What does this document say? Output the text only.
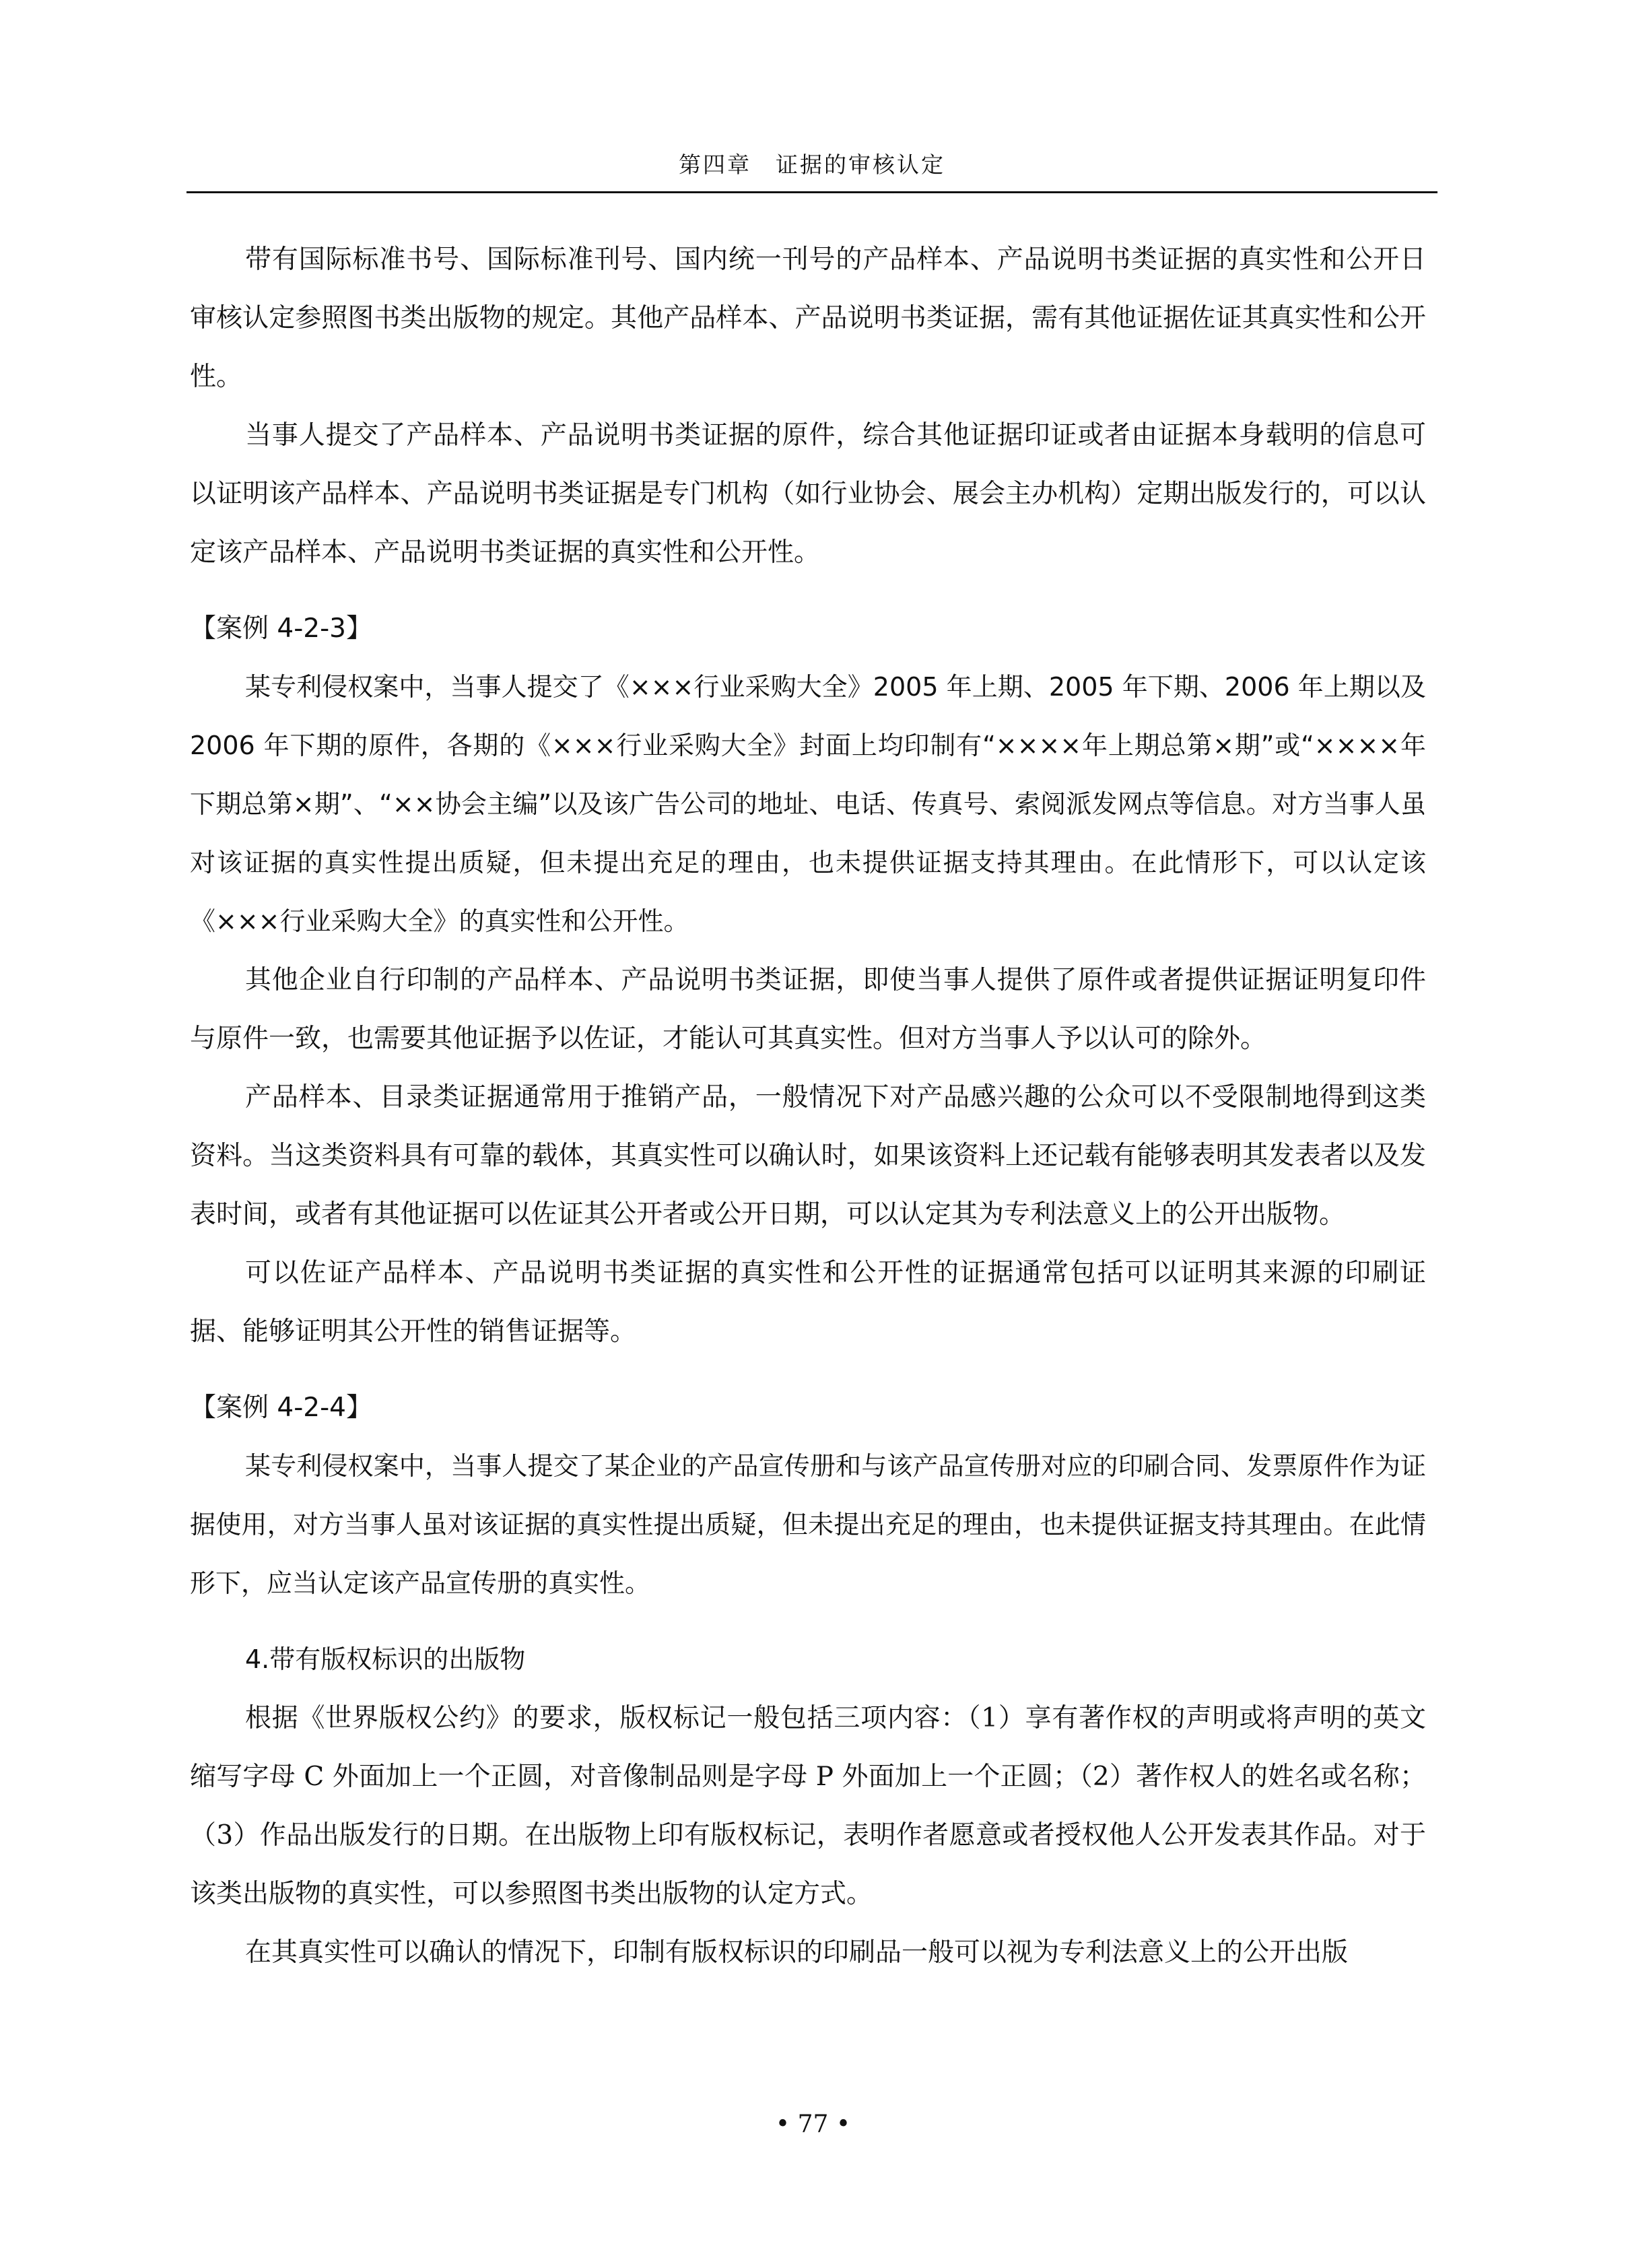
第四章　证据的审核认定

带有国际标准书号、国际标准刊号、国内统一刊号的产品样本、产品说明书类证据的真实性和公开日审核认定参照图书类出版物的规定。其他产品样本、产品说明书类证据，需有其他证据佐证其真实性和公开性。

当事人提交了产品样本、产品说明书类证据的原件，综合其他证据印证或者由证据本身载明的信息可以证明该产品样本、产品说明书类证据是专门机构（如行业协会、展会主办机构）定期出版发行的，可以认定该产品样本、产品说明书类证据的真实性和公开性。

【案例 4-2-3】

某专利侵权案中，当事人提交了《×××行业采购大全》2005 年上期、2005 年下期、2006 年上期以及 2006 年下期的原件，各期的《×××行业采购大全》封面上均印制有“××××年上期总第×期”或“××××年下期总第×期”、“××协会主编”以及该广告公司的地址、电话、传真号、索阅派发网点等信息。对方当事人虽对该证据的真实性提出质疑，但未提出充足的理由，也未提供证据支持其理由。在此情形下，可以认定该《×××行业采购大全》的真实性和公开性。

其他企业自行印制的产品样本、产品说明书类证据，即使当事人提供了原件或者提供证据证明复印件与原件一致，也需要其他证据予以佐证，才能认可其真实性。但对方当事人予以认可的除外。

产品样本、目录类证据通常用于推销产品，一般情况下对产品感兴趣的公众可以不受限制地得到这类资料。当这类资料具有可靠的载体，其真实性可以确认时，如果该资料上还记载有能够表明其发表者以及发表时间，或者有其他证据可以佐证其公开者或公开日期，可以认定其为专利法意义上的公开出版物。

可以佐证产品样本、产品说明书类证据的真实性和公开性的证据通常包括可以证明其来源的印刷证据、能够证明其公开性的销售证据等。

【案例 4-2-4】

某专利侵权案中，当事人提交了某企业的产品宣传册和与该产品宣传册对应的印刷合同、发票原件作为证据使用，对方当事人虽对该证据的真实性提出质疑，但未提出充足的理由，也未提供证据支持其理由。在此情形下，应当认定该产品宣传册的真实性。

4.带有版权标识的出版物

根据《世界版权公约》的要求，版权标记一般包括三项内容：（1）享有著作权的声明或将声明的英文缩写字母 C 外面加上一个正圆，对音像制品则是字母 P 外面加上一个正圆；（2）著作权人的姓名或名称；（3）作品出版发行的日期。在出版物上印有版权标记，表明作者愿意或者授权他人公开发表其作品。对于该类出版物的真实性，可以参照图书类出版物的认定方式。

在其真实性可以确认的情况下，印制有版权标识的印刷品一般可以视为专利法意义上的公开出版

• 77 •
